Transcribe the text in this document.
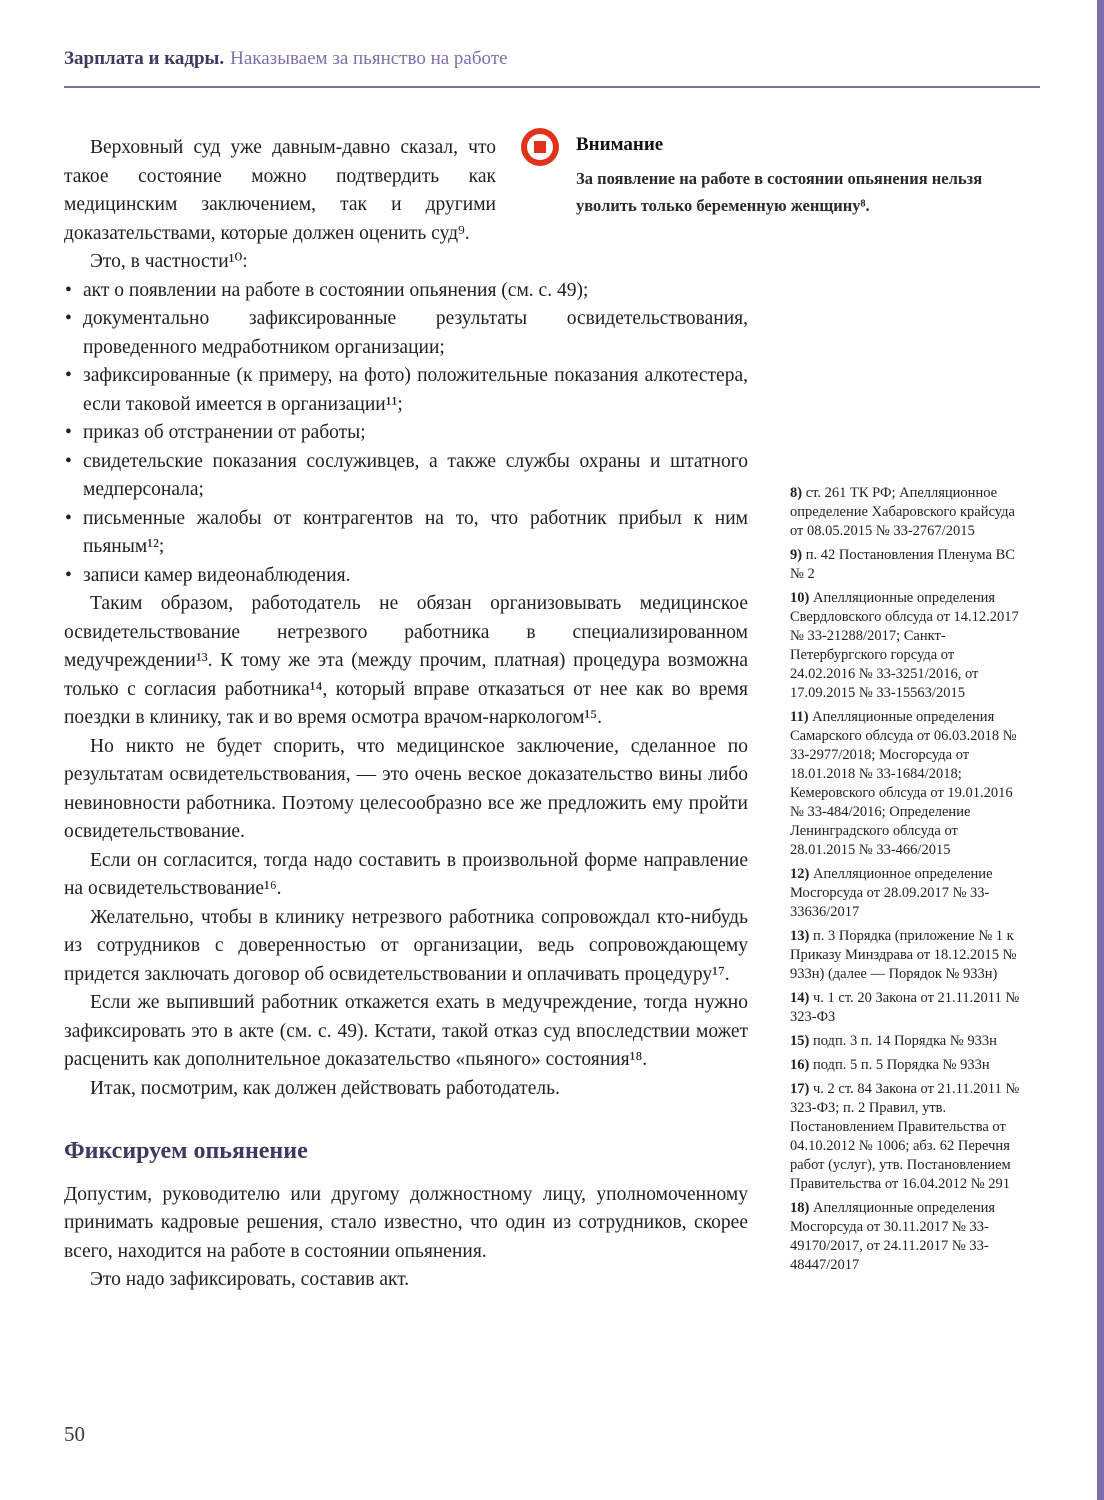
Зарплата и кадры. Наказываем за пьянство на работе
Внимание
За появление на работе в состоянии опьянения нельзя уволить только беременную женщину⁸.

Верховный суд уже давным-давно сказал, что такое состояние можно подтвердить как медицинским заключением, так и другими доказательствами, которые должен оценить суд⁹.

Это, в частности¹⁰:

• акт о появлении на работе в состоянии опьянения (см. с. 49);
• документально зафиксированные результаты освидетельствования, проведенного медработником организации;
• зафиксированные (к примеру, на фото) положительные показания алкотестера, если таковой имеется в организации¹¹;
• приказ об отстранении от работы;
• свидетельские показания сослуживцев, а также службы охраны и штатного медперсонала;
• письменные жалобы от контрагентов на то, что работник прибыл к ним пьяным¹²;
• записи камер видеонаблюдения.

Таким образом, работодатель не обязан организовывать медицинское освидетельствование нетрезвого работника в специализированном медучреждении¹³. К тому же эта (между прочим, платная) процедура возможна только с согласия работника¹⁴, который вправе отказаться от нее как во время поездки в клинику, так и во время осмотра врачом-наркологом¹⁵.

Но никто не будет спорить, что медицинское заключение, сделанное по результатам освидетельствования, — это очень веское доказательство вины либо невиновности работника. Поэтому целесообразно все же предложить ему пройти освидетельствование.

Если он согласится, тогда надо составить в произвольной форме направление на освидетельствование¹⁶.

Желательно, чтобы в клинику нетрезвого работника сопровождал кто-нибудь из сотрудников с доверенностью от организации, ведь сопровождающему придется заключать договор об освидетельствовании и оплачивать процедуру¹⁷.

Если же выпивший работник откажется ехать в медучреждение, тогда нужно зафиксировать это в акте (см. с. 49). Кстати, такой отказ суд впоследствии может расценить как дополнительное доказательство «пьяного» состояния¹⁸.

Итак, посмотрим, как должен действовать работодатель.

Фиксируем опьянение

Допустим, руководителю или другому должностному лицу, уполномоченному принимать кадровые решения, стало известно, что один из сотрудников, скорее всего, находится на работе в состоянии опьянения.

Это надо зафиксировать, составив акт.

8) ст. 261 ТК РФ; Апелляционное определение Хабаровского крайсуда от 08.05.2015 № 33-2767/2015
9) п. 42 Постановления Пленума ВС № 2
10) Апелляционные определения Свердловского облсуда от 14.12.2017 № 33-21288/2017; Санкт-Петербургского горсуда от 24.02.2016 № 33-3251/2016, от 17.09.2015 № 33-15563/2015
11) Апелляционные определения Самарского облсуда от 06.03.2018 № 33-2977/2018; Мосгорсуда от 18.01.2018 № 33-1684/2018; Кемеровского облсуда от 19.01.2016 № 33-484/2016; Определение Ленинградского облсуда от 28.01.2015 № 33-466/2015
12) Апелляционное определение Мосгорсуда от 28.09.2017 № 33-33636/2017
13) п. 3 Порядка (приложение № 1 к Приказу Минздрава от 18.12.2015 № 933н) (далее — Порядок № 933н)
14) ч. 1 ст. 20 Закона от 21.11.2011 № 323-ФЗ
15) подп. 3 п. 14 Порядка № 933н
16) подп. 5 п. 5 Порядка № 933н
17) ч. 2 ст. 84 Закона от 21.11.2011 № 323-ФЗ; п. 2 Правил, утв. Постановлением Правительства от 04.10.2012 № 1006; абз. 62 Перечня работ (услуг), утв. Постановлением Правительства от 16.04.2012 № 291
18) Апелляционные определения Мосгорсуда от 30.11.2017 № 33-49170/2017, от 24.11.2017 № 33-48447/2017
50
